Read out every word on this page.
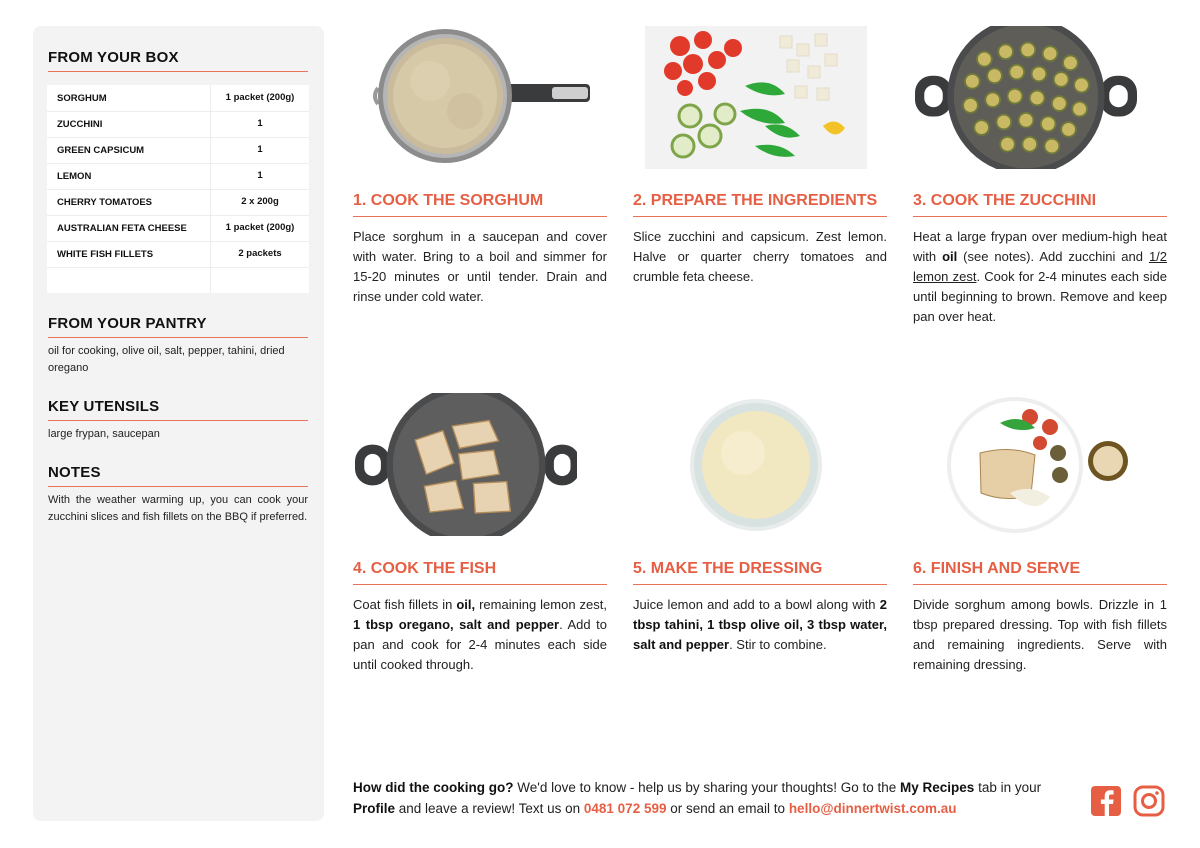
FROM YOUR BOX
SORGHUM	1 packet (200g)
ZUCCHINI	1
GREEN CAPSICUM	1
LEMON	1
CHERRY TOMATOES	2 x 200g
AUSTRALIAN FETA CHEESE	1 packet (200g)
WHITE FISH FILLETS	2 packets
FROM YOUR PANTRY
oil for cooking, olive oil, salt, pepper, tahini, dried oregano
KEY UTENSILS
large frypan, saucepan
NOTES
With the weather warming up, you can cook your zucchini slices and fish fillets on the BBQ if preferred.
1. COOK THE SORGHUM
Place sorghum in a saucepan and cover with water. Bring to a boil and simmer for 15-20 minutes or until tender. Drain and rinse under cold water.
2. PREPARE THE INGREDIENTS
Slice zucchini and capsicum. Zest lemon. Halve or quarter cherry tomatoes and crumble feta cheese.
3. COOK THE ZUCCHINI
Heat a large frypan over medium-high heat with oil (see notes). Add zucchini and 1/2 lemon zest. Cook for 2-4 minutes each side until beginning to brown. Remove and keep pan over heat.
4. COOK THE FISH
Coat fish fillets in oil, remaining lemon zest, 1 tbsp oregano, salt and pepper. Add to pan and cook for 2-4 minutes each side until cooked through.
5. MAKE THE DRESSING
Juice lemon and add to a bowl along with 2 tbsp tahini, 1 tbsp olive oil, 3 tbsp water, salt and pepper. Stir to combine.
6. FINISH AND SERVE
Divide sorghum among bowls. Drizzle in 1 tbsp prepared dressing. Top with fish fillets and remaining ingredients. Serve with remaining dressing.
How did the cooking go? We'd love to know - help us by sharing your thoughts! Go to the My Recipes tab in your Profile and leave a review! Text us on 0481 072 599 or send an email to hello@dinnertwist.com.au
